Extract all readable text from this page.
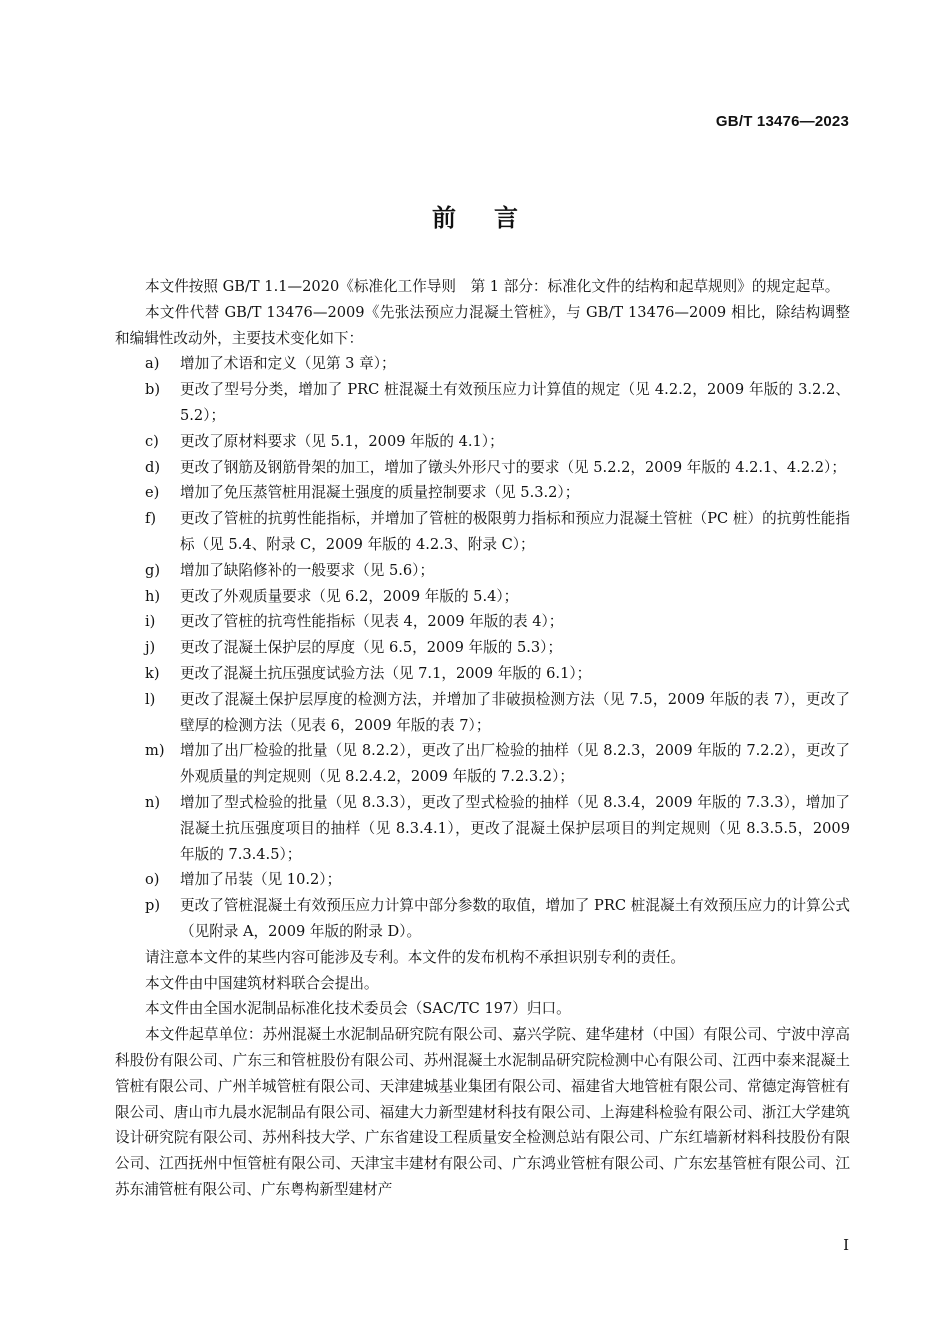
GB/T 13476—2023
前言

本文件按照 GB/T 1.1—2020《标准化工作导则　第 1 部分：标准化文件的结构和起草规则》的规定起草。

本文件代替 GB/T 13476—2009《先张法预应力混凝土管桩》，与 GB/T 13476—2009 相比，除结构调整和编辑性改动外，主要技术变化如下：

a)	增加了术语和定义（见第 3 章）；
b)	更改了型号分类，增加了 PRC 桩混凝土有效预压应力计算值的规定（见 4.2.2，2009 年版的 3.2.2、5.2）；
c)	更改了原材料要求（见 5.1，2009 年版的 4.1）；
d)	更改了钢筋及钢筋骨架的加工，增加了镦头外形尺寸的要求（见 5.2.2，2009 年版的 4.2.1、4.2.2）；
e)	增加了免压蒸管桩用混凝土强度的质量控制要求（见 5.3.2）；
f)	更改了管桩的抗剪性能指标，并增加了管桩的极限剪力指标和预应力混凝土管桩（PC 桩）的抗剪性能指标（见 5.4、附录 C，2009 年版的 4.2.3、附录 C）；
g)	增加了缺陷修补的一般要求（见 5.6）；
h)	更改了外观质量要求（见 6.2，2009 年版的 5.4）；
i)	更改了管桩的抗弯性能指标（见表 4，2009 年版的表 4）；
j)	更改了混凝土保护层的厚度（见 6.5，2009 年版的 5.3）；
k)	更改了混凝土抗压强度试验方法（见 7.1，2009 年版的 6.1）；
l)	更改了混凝土保护层厚度的检测方法，并增加了非破损检测方法（见 7.5，2009 年版的表 7），更改了壁厚的检测方法（见表 6，2009 年版的表 7）；
m)	增加了出厂检验的批量（见 8.2.2），更改了出厂检验的抽样（见 8.2.3，2009 年版的 7.2.2），更改了外观质量的判定规则（见 8.2.4.2，2009 年版的 7.2.3.2）；
n)	增加了型式检验的批量（见 8.3.3），更改了型式检验的抽样（见 8.3.4，2009 年版的 7.3.3），增加了混凝土抗压强度项目的抽样（见 8.3.4.1），更改了混凝土保护层项目的判定规则（见 8.3.5.5，2009 年版的 7.3.4.5）；
o)	增加了吊装（见 10.2）；
p)	更改了管桩混凝土有效预压应力计算中部分参数的取值，增加了 PRC 桩混凝土有效预压应力的计算公式（见附录 A，2009 年版的附录 D）。

请注意本文件的某些内容可能涉及专利。本文件的发布机构不承担识别专利的责任。

本文件由中国建筑材料联合会提出。

本文件由全国水泥制品标准化技术委员会（SAC/TC 197）归口。

本文件起草单位：苏州混凝土水泥制品研究院有限公司、嘉兴学院、建华建材（中国）有限公司、宁波中淳高科股份有限公司、广东三和管桩股份有限公司、苏州混凝土水泥制品研究院检测中心有限公司、江西中泰来混凝土管桩有限公司、广州羊城管桩有限公司、天津建城基业集团有限公司、福建省大地管桩有限公司、常德定海管桩有限公司、唐山市九晨水泥制品有限公司、福建大力新型建材科技有限公司、上海建科检验有限公司、浙江大学建筑设计研究院有限公司、苏州科技大学、广东省建设工程质量安全检测总站有限公司、广东红墙新材料科技股份有限公司、江西抚州中恒管桩有限公司、天津宝丰建材有限公司、广东鸿业管桩有限公司、广东宏基管桩有限公司、江苏东浦管桩有限公司、广东粤构新型建材产

I
